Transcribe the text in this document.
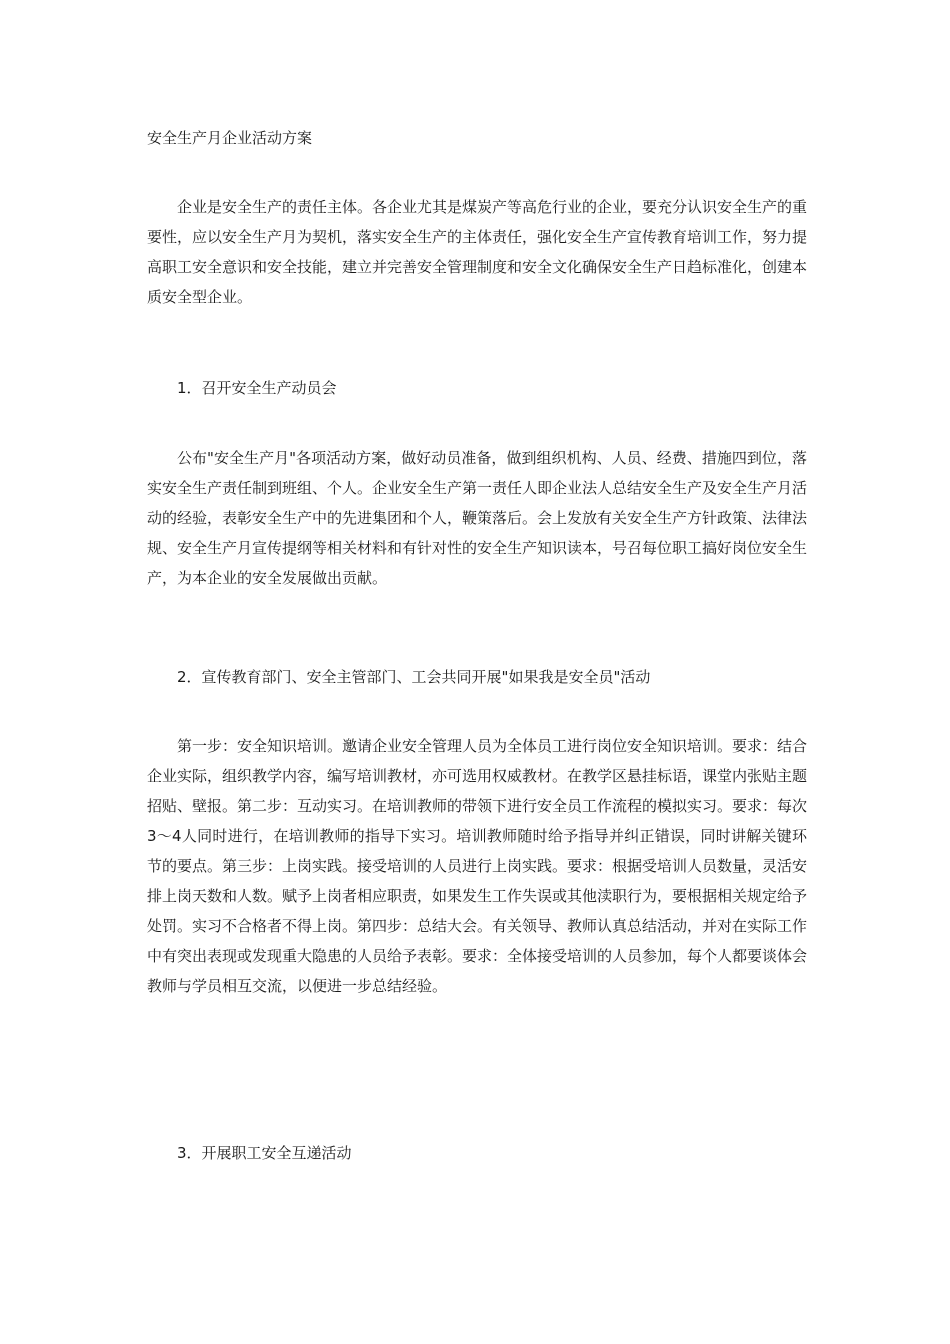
安全生产月企业活动方案

企业是安全生产的责任主体。各企业尤其是煤炭产等高危行业的企业，要充分认识安全生产的重要性，应以安全生产月为契机，落实安全生产的主体责任，强化安全生产宣传教育培训工作，努力提高职工安全意识和安全技能，建立并完善安全管理制度和安全文化确保安全生产日趋标准化，创建本质安全型企业。

1．召开安全生产动员会

公布"安全生产月"各项活动方案，做好动员准备，做到组织机构、人员、经费、措施四到位，落实安全生产责任制到班组、个人。企业安全生产第一责任人即企业法人总结安全生产及安全生产月活动的经验，表彰安全生产中的先进集团和个人，鞭策落后。会上发放有关安全生产方针政策、法律法规、安全生产月宣传提纲等相关材料和有针对性的安全生产知识读本，号召每位职工搞好岗位安全生产，为本企业的安全发展做出贡献。

2．宣传教育部门、安全主管部门、工会共同开展"如果我是安全员"活动

第一步：安全知识培训。邀请企业安全管理人员为全体员工进行岗位安全知识培训。要求：结合企业实际，组织教学内容，编写培训教材，亦可选用权威教材。在教学区悬挂标语，课堂内张贴主题招贴、壁报。第二步：互动实习。在培训教师的带领下进行安全员工作流程的模拟实习。要求：每次3～4人同时进行，在培训教师的指导下实习。培训教师随时给予指导并纠正错误，同时讲解关键环节的要点。第三步：上岗实践。接受培训的人员进行上岗实践。要求：根据受培训人员数量，灵活安排上岗天数和人数。赋予上岗者相应职责，如果发生工作失误或其他渎职行为，要根据相关规定给予处罚。实习不合格者不得上岗。第四步：总结大会。有关领导、教师认真总结活动，并对在实际工作中有突出表现或发现重大隐患的人员给予表彰。要求：全体接受培训的人员参加，每个人都要谈体会教师与学员相互交流，以便进一步总结经验。

3．开展职工安全互递活动
